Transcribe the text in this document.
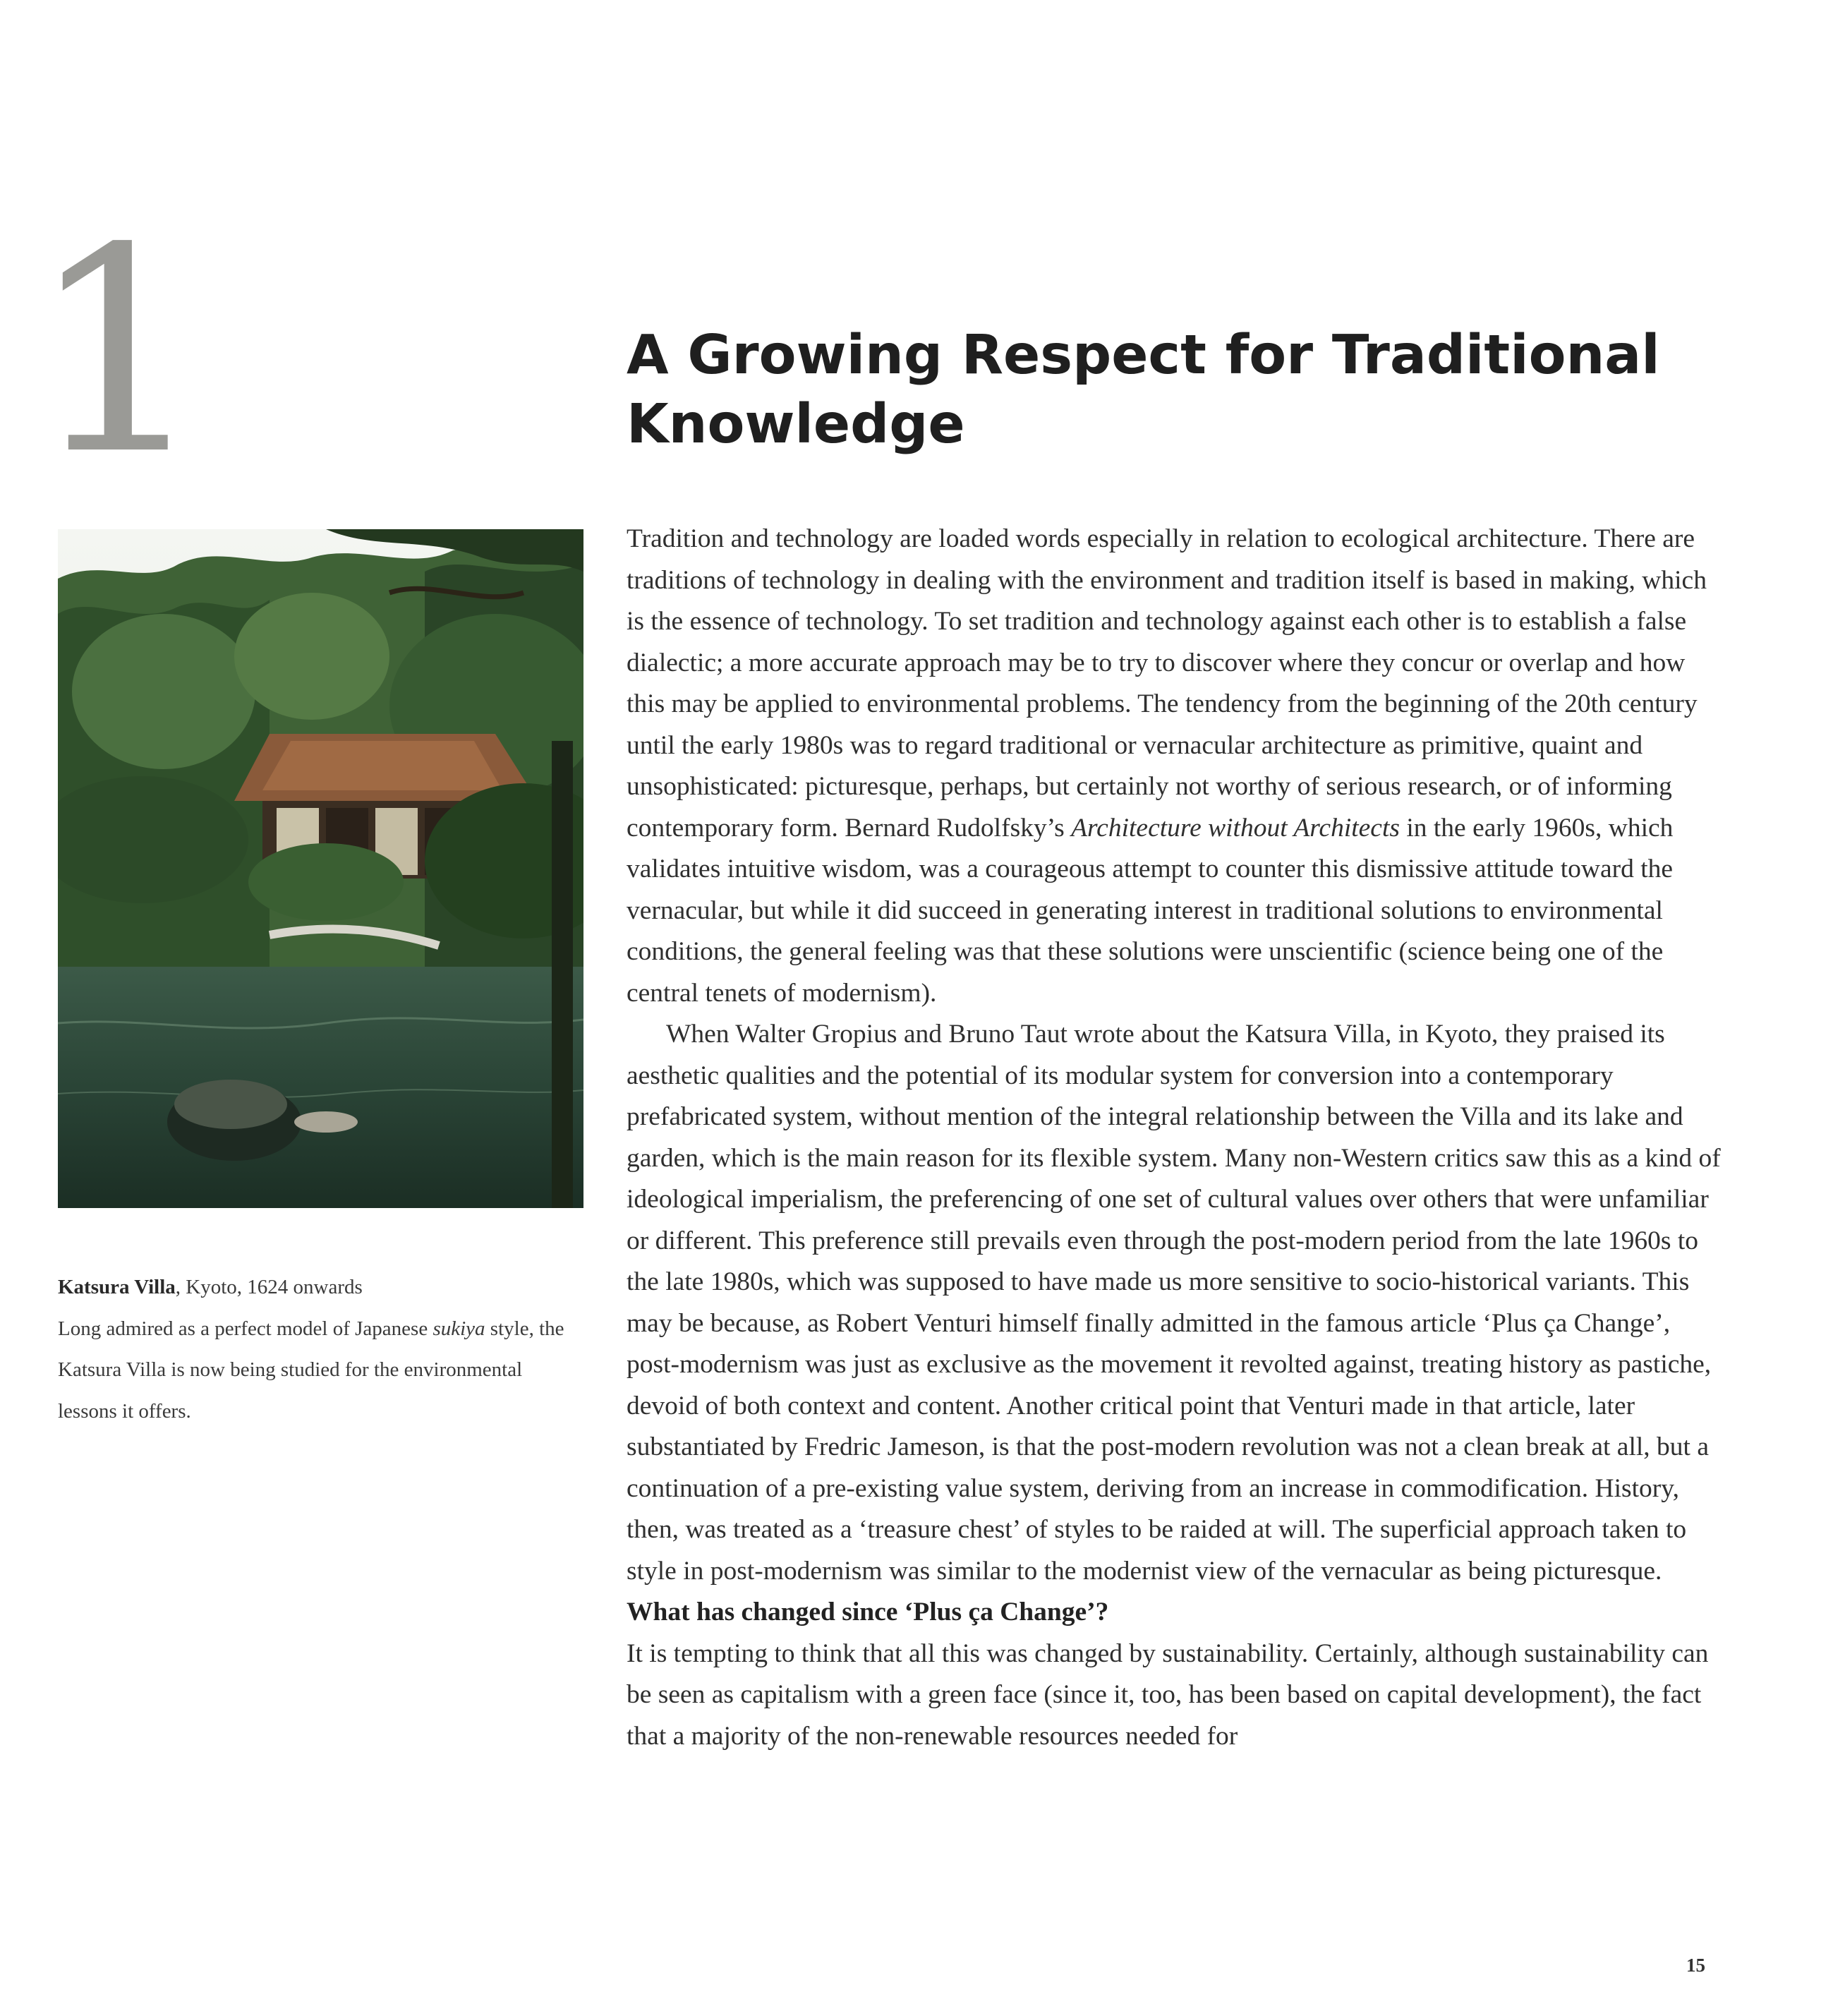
1	A Growing Respect for Traditional Knowledge

Katsura Villa, Kyoto, 1624 onwards

Long admired as a perfect model of Japanese sukiya style, the Katsura Villa is now being studied for the environmental lessons it offers.

Tradition and technology are loaded words especially in relation to ecological architecture. There are traditions of technology in dealing with the environment and tradition itself is based in making, which is the essence of technology. To set tradition and technology against each other is to establish a false dialectic; a more accurate approach may be to try to discover where they concur or overlap and how this may be applied to environmental problems. The tendency from the beginning of the 20th century until the early 1980s was to regard traditional or vernacular architecture as primitive, quaint and unsophisticated: picturesque, perhaps, but certainly not worthy of serious research, or of informing contemporary form. Bernard Rudolfsky’s Architecture without Architects in the early 1960s, which validates intuitive wisdom, was a courageous attempt to counter this dismissive attitude toward the vernacular, but while it did succeed in generating interest in traditional solutions to environmental conditions, the general feeling was that these solutions were unscientific (science being one of the central tenets of modernism).

When Walter Gropius and Bruno Taut wrote about the Katsura Villa, in Kyoto, they praised its aesthetic qualities and the potential of its modular system for conversion into a contemporary prefabricated system, without mention of the integral relationship between the Villa and its lake and garden, which is the main reason for its flexible system. Many non-Western critics saw this as a kind of ideological imperialism, the preferencing of one set of cultural values over others that were unfamiliar or different. This preference still prevails even through the post-modern period from the late 1960s to the late 1980s, which was supposed to have made us more sensitive to socio-historical variants. This may be because, as Robert Venturi himself finally admitted in the famous article ‘Plus ça Change’, post-modernism was just as exclusive as the movement it revolted against, treating history as pastiche, devoid of both context and content. Another critical point that Venturi made in that article, later substantiated by Fredric Jameson, is that the post-modern revolution was not a clean break at all, but a continuation of a pre-existing value system, deriving from an increase in commodification. History, then, was treated as a ‘treasure chest’ of styles to be raided at will. The superficial approach taken to style in post-modernism was similar to the modernist view of the vernacular as being picturesque.

What has changed since ‘Plus ça Change’?

It is tempting to think that all this was changed by sustainability. Certainly, although sustainability can be seen as capitalism with a green face (since it, too, has been based on capital development), the fact that a majority of the non-renewable resources needed for

15
